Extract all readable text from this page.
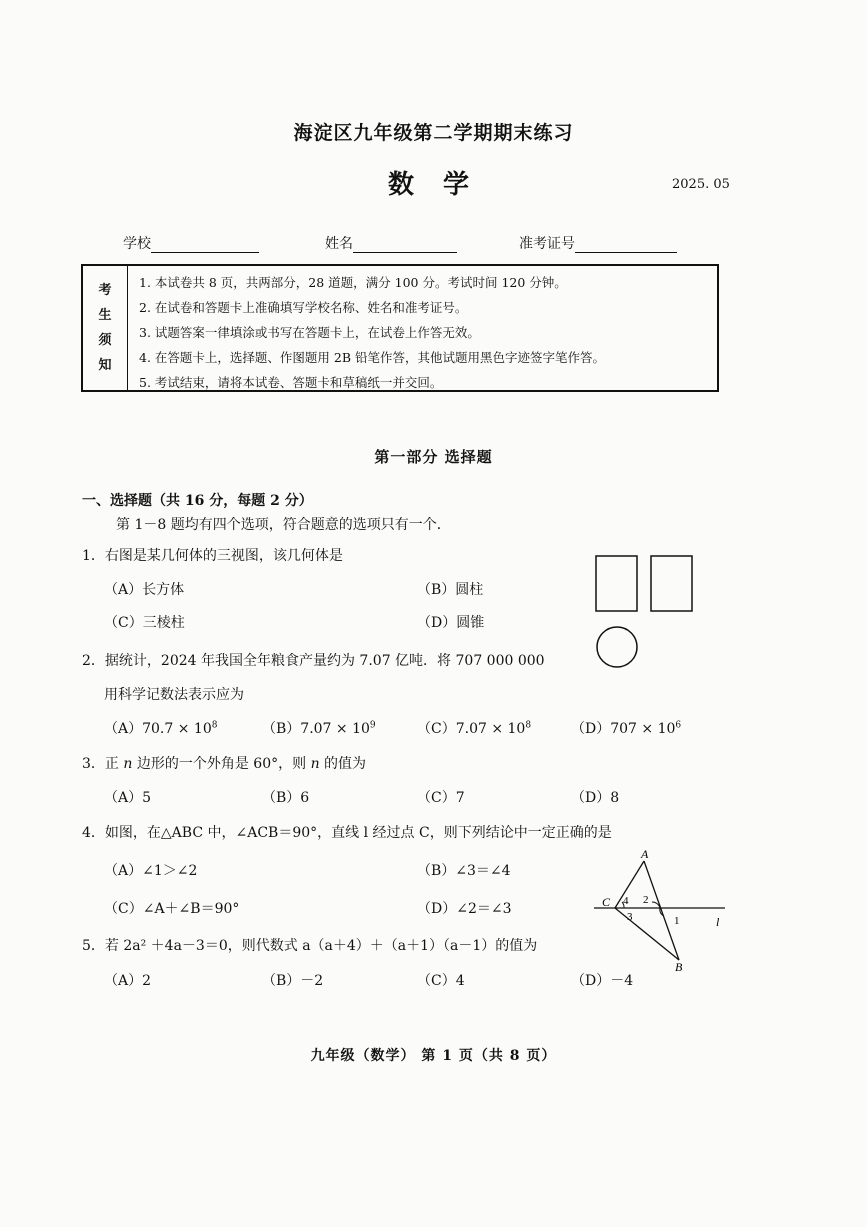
海淀区九年级第二学期期末练习
数 学	2025. 05
学校	姓名	准考证号
考
生
须
知
1. 本试卷共 8 页，共两部分，28 道题，满分 100 分。考试时间 120 分钟。
2. 在试卷和答题卡上准确填写学校名称、姓名和准考证号。
3. 试题答案一律填涂或书写在答题卡上，在试卷上作答无效。
4. 在答题卡上，选择题、作图题用 2B 铅笔作答，其他试题用黑色字迹签字笔作答。
5. 考试结束，请将本试卷、答题卡和草稿纸一并交回。
第一部分 选择题
一、选择题（共 16 分，每题 2 分）
第 1－8 题均有四个选项，符合题意的选项只有一个．
1．右图是某几何体的三视图，该几何体是
（A）长方体	（B）圆柱
（C）三棱柱	（D）圆锥
2．据统计，2024 年我国全年粮食产量约为 7.07 亿吨．将 707 000 000
用科学记数法表示应为
$(A)70.7 \times 10^8$	$(B)7.07 \times 10^9$	$(C)7.07 \times 10^8$	$(D)707 \times 10^6$
3．正 n 边形的一个外角是 60°，则 n 的值为
（A）5	（B）6	（C）7	（D）8
4．如图，在△ABC 中，∠ACB＝90°，直线 l 经过点 C，则下列结论中一定正确的是
（A）∠1＞∠2	（B）∠3＝∠4
（C）∠A＋∠B＝90°	（D）∠2＝∠3
A
B
C
l
1
2
3
4
5．若 2a² ＋4a－3＝0，则代数式 a（a＋4）＋（a＋1）（a－1）的值为
（A）2	（B）－2	（C）4	（D）－4
九年级（数学） 第 1 页（共 8 页）
